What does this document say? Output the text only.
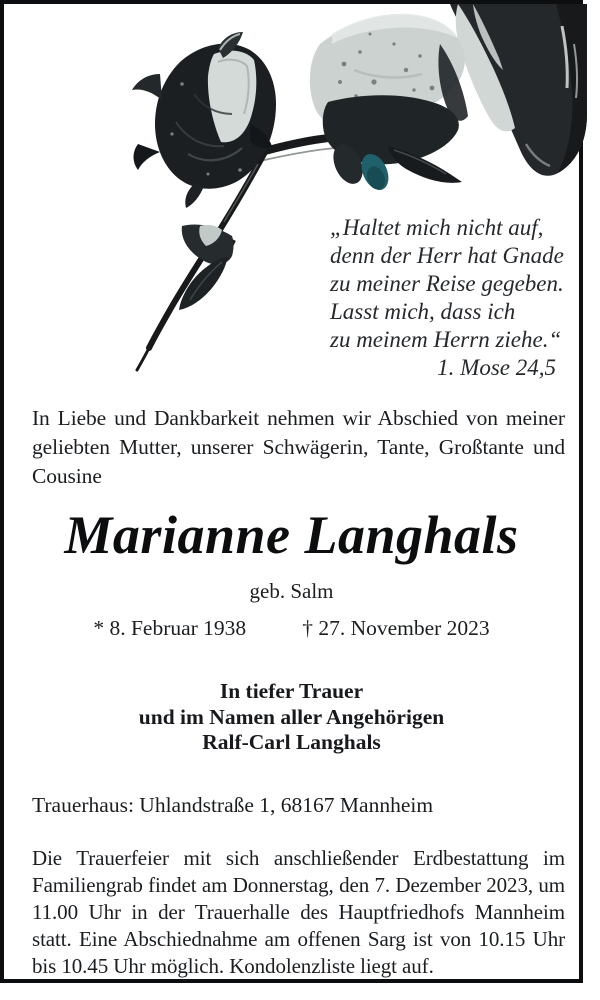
„Haltet mich nicht auf,
denn der Herr hat Gnade
zu meiner Reise gegeben.
Lasst mich, dass ich
zu meinem Herrn ziehe.“
1. Mose 24,5
In Liebe und Dankbarkeit nehmen wir Abschied von meiner geliebten Mutter, unserer Schwägerin, Tante, Großtante und Cousine
Marianne Langhals
geb. Salm
* 8. Februar 1938	† 27. November 2023
In tiefer Trauer
und im Namen aller Angehörigen
Ralf-Carl Langhals
Trauerhaus: Uhlandstraße 1, 68167 Mannheim
Die Trauerfeier mit sich anschließender Erdbestattung im Familiengrab findet am Donnerstag, den 7. Dezember 2023, um 11.00 Uhr in der Trauerhalle des Hauptfriedhofs Mannheim statt. Eine Abschiednahme am offenen Sarg ist von 10.15 Uhr bis 10.45 Uhr möglich. Kondolenzliste liegt auf.
